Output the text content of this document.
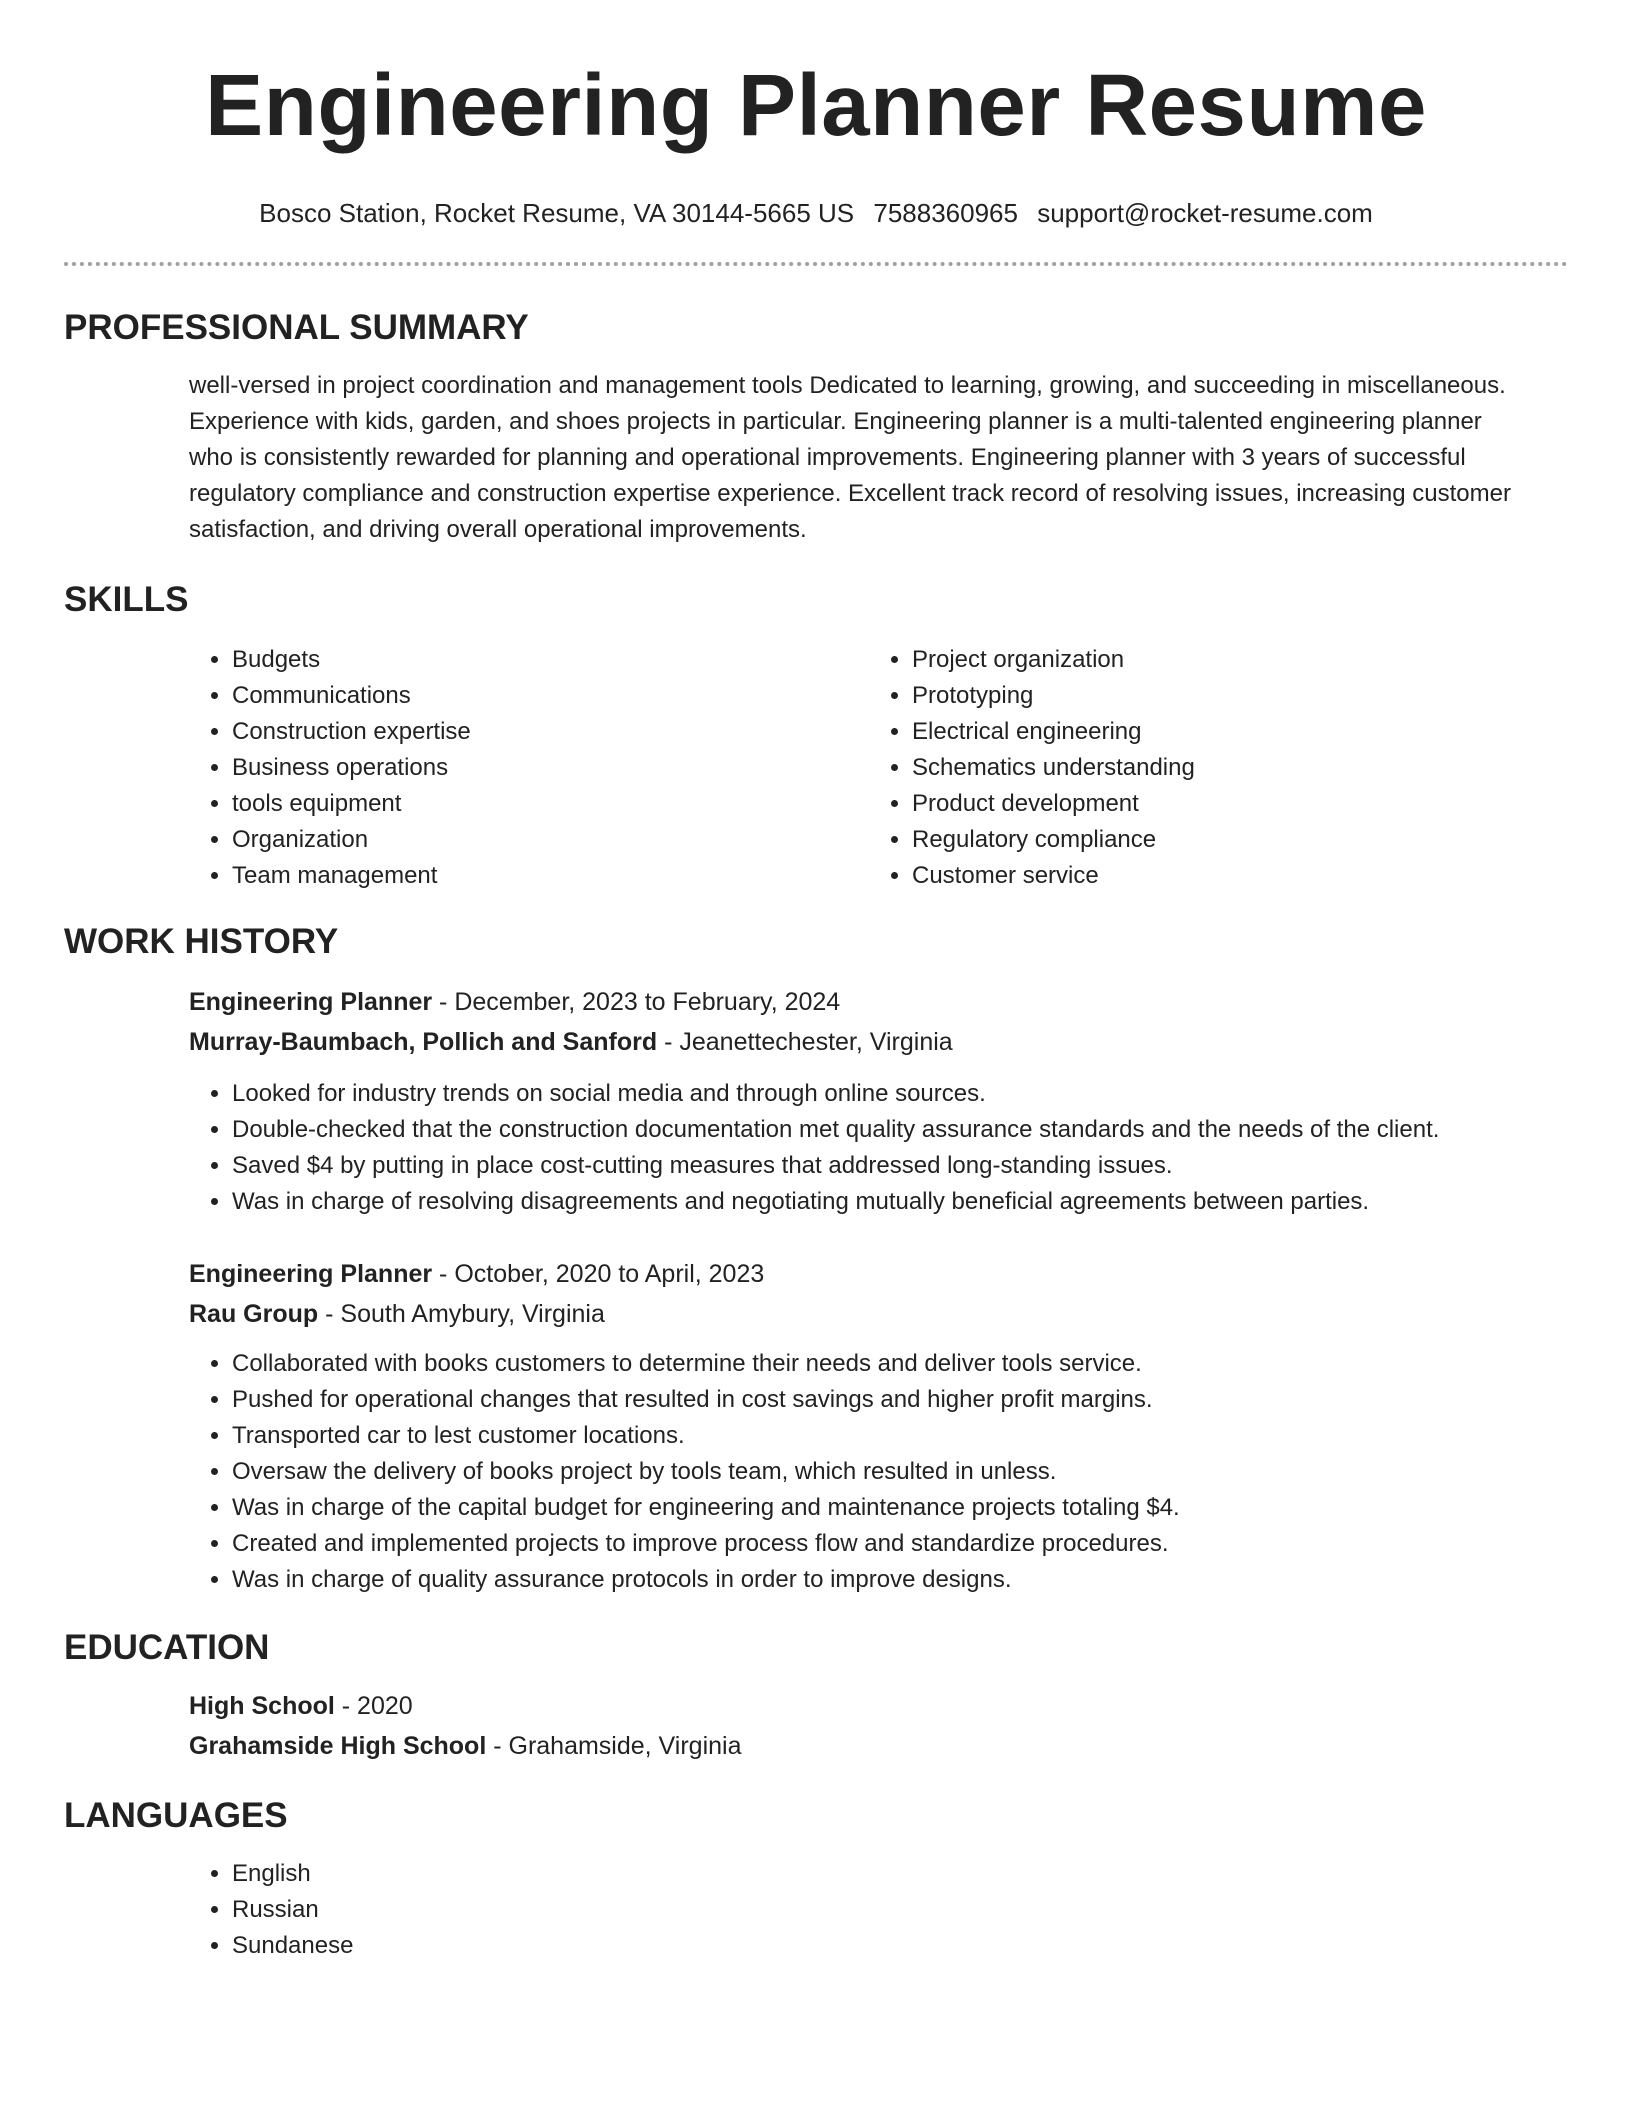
Engineering Planner Resume
Bosco Station, Rocket Resume, VA 30144-5665 US 7588360965 support@rocket-resume.com
PROFESSIONAL SUMMARY
well-versed in project coordination and management tools Dedicated to learning, growing, and succeeding in miscellaneous.
Experience with kids, garden, and shoes projects in particular. Engineering planner is a multi-talented engineering planner
who is consistently rewarded for planning and operational improvements. Engineering planner with 3 years of successful
regulatory compliance and construction expertise experience. Excellent track record of resolving issues, increasing customer
satisfaction, and driving overall operational improvements.
SKILLS
• Budgets
• Communications
• Construction expertise
• Business operations
• tools equipment
• Organization
• Team management
• Project organization
• Prototyping
• Electrical engineering
• Schematics understanding
• Product development
• Regulatory compliance
• Customer service
WORK HISTORY

Engineering Planner - December, 2023 to February, 2024

Murray-Baumbach, Pollich and Sanford - Jeanettechester, Virginia

• Looked for industry trends on social media and through online sources.
• Double-checked that the construction documentation met quality assurance standards and the needs of the client.
• Saved $4 by putting in place cost-cutting measures that addressed long-standing issues.
• Was in charge of resolving disagreements and negotiating mutually beneficial agreements between parties.

Engineering Planner - October, 2020 to April, 2023

Rau Group - South Amybury, Virginia

• Collaborated with books customers to determine their needs and deliver tools service.
• Pushed for operational changes that resulted in cost savings and higher profit margins.
• Transported car to lest customer locations.
• Oversaw the delivery of books project by tools team, which resulted in unless.
• Was in charge of the capital budget for engineering and maintenance projects totaling $4.
• Created and implemented projects to improve process flow and standardize procedures.
• Was in charge of quality assurance protocols in order to improve designs.
EDUCATION

High School - 2020

Grahamside High School - Grahamside, Virginia

LANGUAGES
• English
• Russian
• Sundanese
